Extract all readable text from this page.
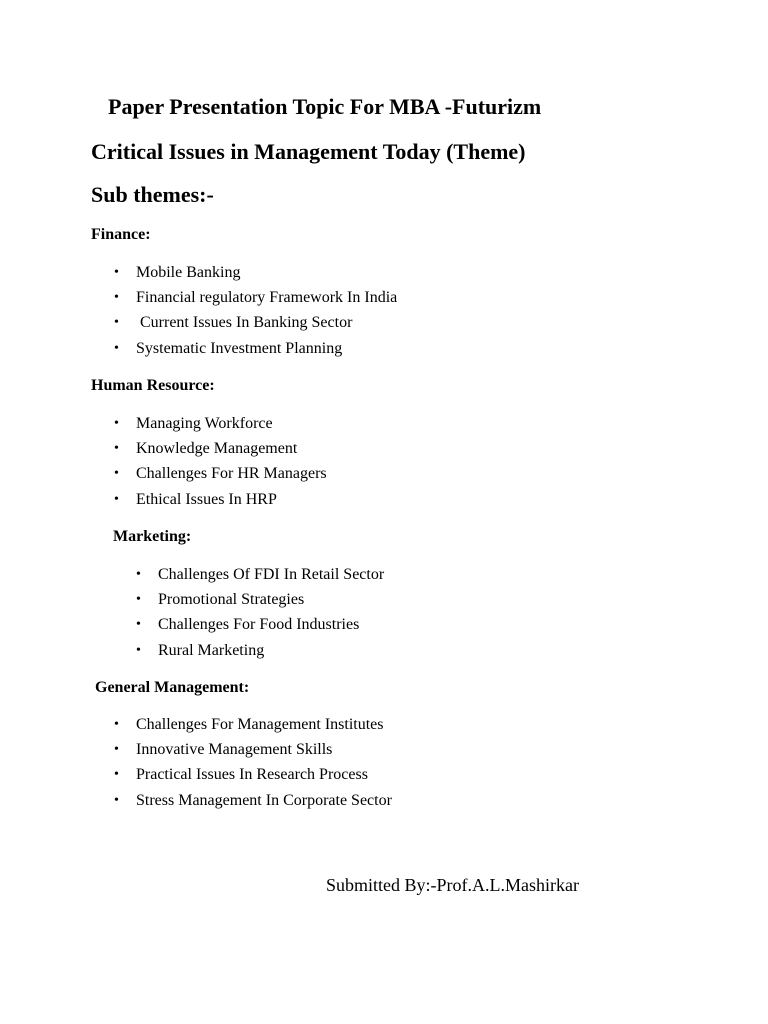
Paper Presentation Topic For MBA -Futurizm
Critical Issues in Management Today (Theme)
Sub themes:-
Finance:
• Mobile Banking
• Financial regulatory Framework In India
• Current Issues In Banking Sector
• Systematic Investment Planning
Human Resource:
• Managing Workforce
• Knowledge Management
• Challenges For HR Managers
• Ethical Issues In HRP
Marketing:
• Challenges Of FDI In Retail Sector
• Promotional Strategies
• Challenges For Food Industries
• Rural Marketing
General Management:
• Challenges For Management Institutes
• Innovative Management Skills
• Practical Issues In Research Process
• Stress Management In Corporate Sector
Submitted By:-Prof.A.L.Mashirkar
